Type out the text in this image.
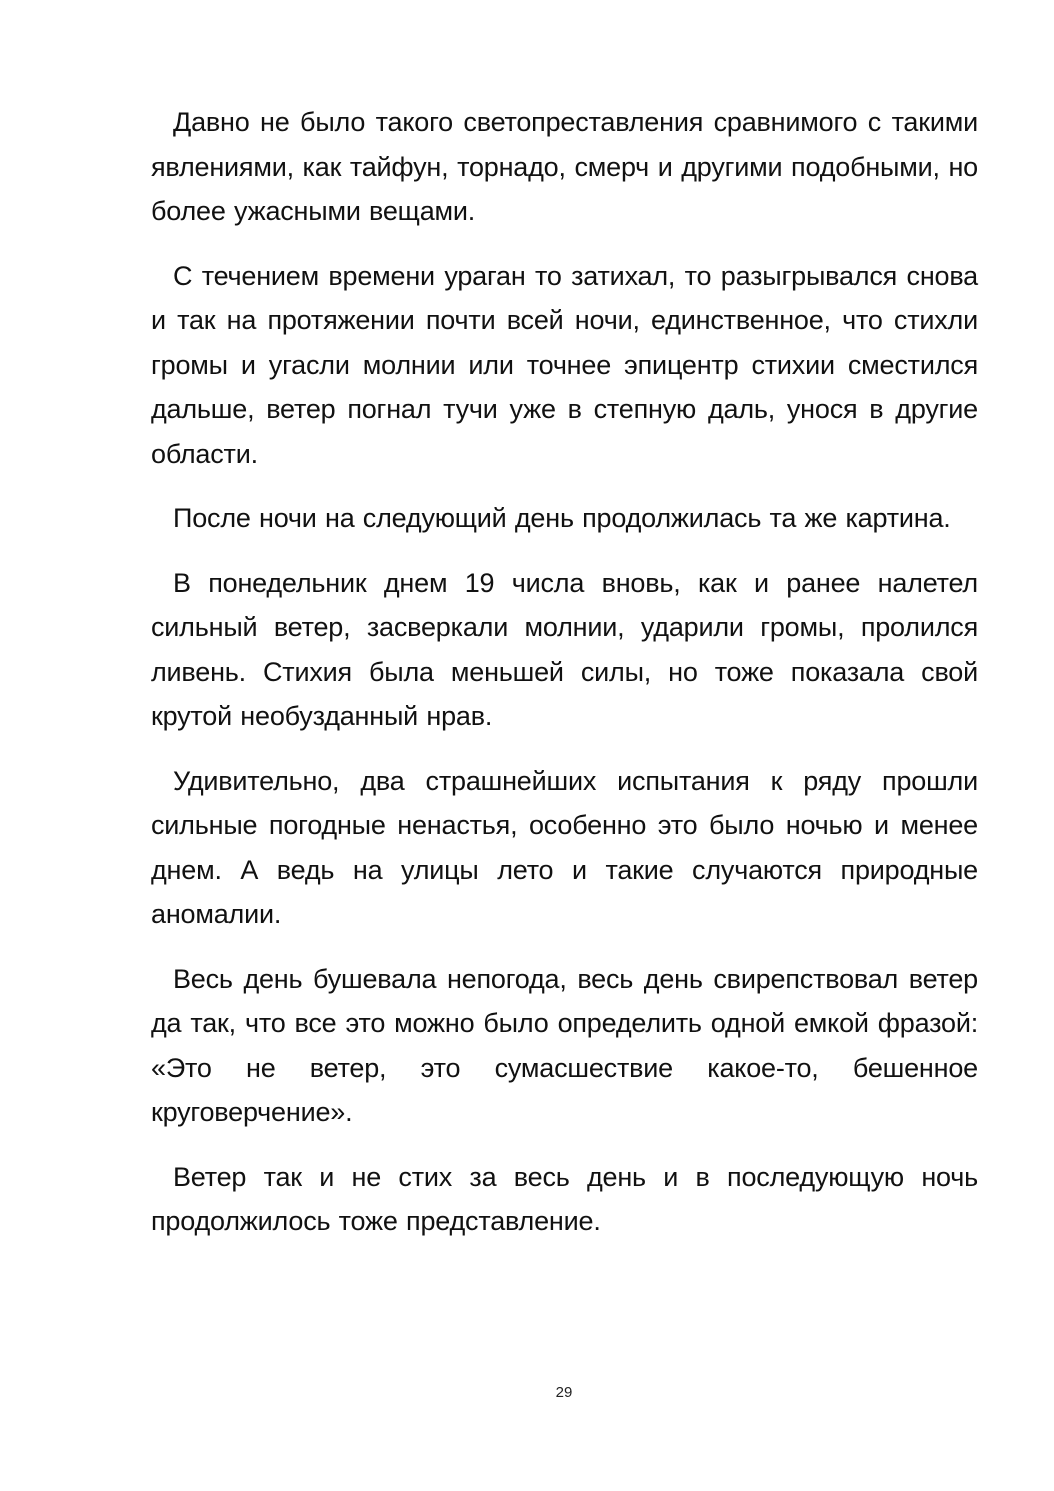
Давно не было такого светопреставления сравнимого с такими явлениями, как тайфун, торнадо, смерч и другими подобными, но более ужасными вещами.

С течением времени ураган то затихал, то разыгрывался снова и так на протяжении почти всей ночи, единственное, что стихли громы и угасли молнии или точнее эпицентр стихии сместился дальше, ветер погнал тучи уже в степную даль, унося в другие области.

После ночи на следующий день продолжилась та же картина.

В понедельник днем 19 числа вновь, как и ранее налетел сильный ветер, засверкали молнии, ударили громы, пролился ливень. Стихия была меньшей силы, но тоже показала свой крутой необузданный нрав.

Удивительно, два страшнейших испытания к ряду прошли сильные погодные ненастья, особенно это было ночью и менее днем. А ведь на улицы лето и такие случаются природные аномалии.

Весь день бушевала непогода, весь день свирепствовал ветер да так, что все это можно было определить одной емкой фразой: «Это не ветер, это сумасшествие какое-то, бешенное круговерчение».

Ветер так и не стих за весь день и в последующую ночь продолжилось тоже представление.

29
